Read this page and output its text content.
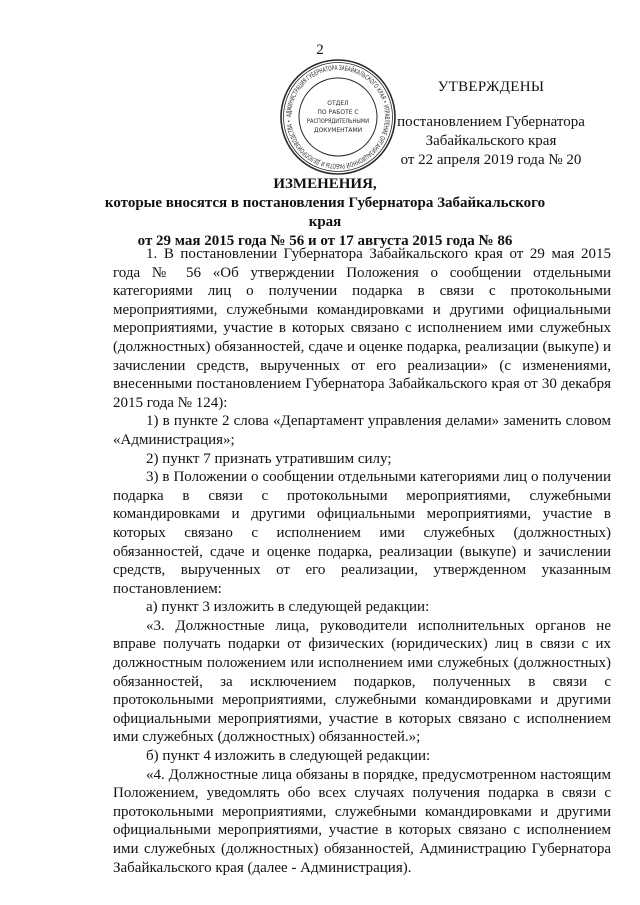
2
АДМИНИСТРАЦИЯ ГУБЕРНАТОРА ЗАБАЙКАЛЬСКОГО КРАЯ • УПРАВЛЕНИЕ ОРГАНИЗАЦИОННОЙ РАБОТЫ И ДЕЛОПРОИЗВОДСТВА •
ОТДЕЛ
ПО РАБОТЕ С
РАСПОРЯДИТЕЛЬНЫМИ
ДОКУМЕНТАМИ
УТВЕРЖДЕНЫ
постановлением Губернатора
Забайкальского края
от 22 апреля 2019 года № 20
ИЗМЕНЕНИЯ,
которые вносятся в постановления Губернатора Забайкальского края
от 29 мая 2015 года № 56 и от 17 августа 2015 года № 86

1. В постановлении Губернатора Забайкальского края от 29 мая 2015 года № 56 «Об утверждении Положения о сообщении отдельными категориями лиц о получении подарка в связи с протокольными мероприятиями, служебными командировками и другими официальными мероприятиями, участие в которых связано с исполнением ими служебных (должностных) обязанностей, сдаче и оценке подарка, реализации (выкупе) и зачислении средств, вырученных от его реализации» (с изменениями, внесенными постановлением Губернатора Забайкальского края от 30 декабря 2015 года № 124):

1) в пункте 2 слова «Департамент управления делами» заменить словом «Администрация»;

2) пункт 7 признать утратившим силу;

3) в Положении о сообщении отдельными категориями лиц о получении подарка в связи с протокольными мероприятиями, служебными командировками и другими официальными мероприятиями, участие в которых связано с исполнением ими служебных (должностных) обязанностей, сдаче и оценке подарка, реализации (выкупе) и зачислении средств, вырученных от его реализации, утвержденном указанным постановлением:

а) пункт 3 изложить в следующей редакции:

«3. Должностные лица, руководители исполнительных органов не вправе получать подарки от физических (юридических) лиц в связи с их должностным положением или исполнением ими служебных (должностных) обязанностей, за исключением подарков, полученных в связи с протокольными мероприятиями, служебными командировками и другими официальными мероприятиями, участие в которых связано с исполнением ими служебных (должностных) обязанностей.»;

б) пункт 4 изложить в следующей редакции:

«4. Должностные лица обязаны в порядке, предусмотренном настоящим Положением, уведомлять обо всех случаях получения подарка в связи с протокольными мероприятиями, служебными командировками и другими официальными мероприятиями, участие в которых связано с исполнением ими служебных (должностных) обязанностей, Администрацию Губернатора Забайкальского края (далее - Администрация).
